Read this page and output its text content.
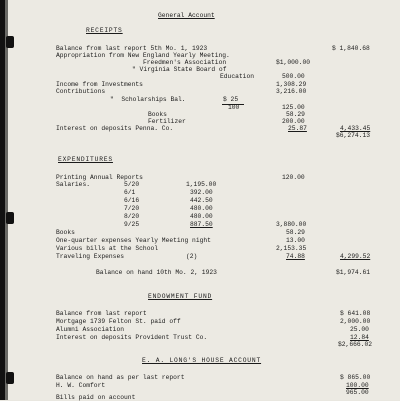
General Account
RECEIPTS
Balance from last report 5th Mo. 1, 1923	$ 1,840.68
Appropriation from New England Yearly Meeting.
Freedmen's Association	$1,000.00
" Virginia State Board of
Education	500.00
Income from Investments	1,308.29
Contributions	3,216.00
"  Scholarships Bal.	$ 25
100	125.00
Books	58.29
Fertilizer	200.00
Interest on deposits Penna. Co.	25.87	4,433.45
$6,274.13
EXPENDITURES
Printing Annual Reports	120.00
Salaries.	5/20	1,195.00
6/1	392.00
6/16	442.50
7/20	480.00
8/20	480.00
9/25	887.50	3,880.00
Books	58.29
One-quarter expenses Yearly Meeting night	13.00
Various bills at the School	2,153.35
Traveling Expenses	(2)	74.88	4,299.52
Balance on hand 10th Mo. 2, 1923	$1,974.61
ENDOWMENT FUND
Balance from last report	$ 641.08
Mortgage 1739 Felton St. paid off	2,000.00
Alumni Association	25.00
Interest on deposits Provident Trust Co.	12.84
$2,666.02
E. A. LONG'S HOUSE ACCOUNT
Balance on hand as per last report	$ 865.00
H. W. Comfort	100.00
965.00
Bills paid on account
